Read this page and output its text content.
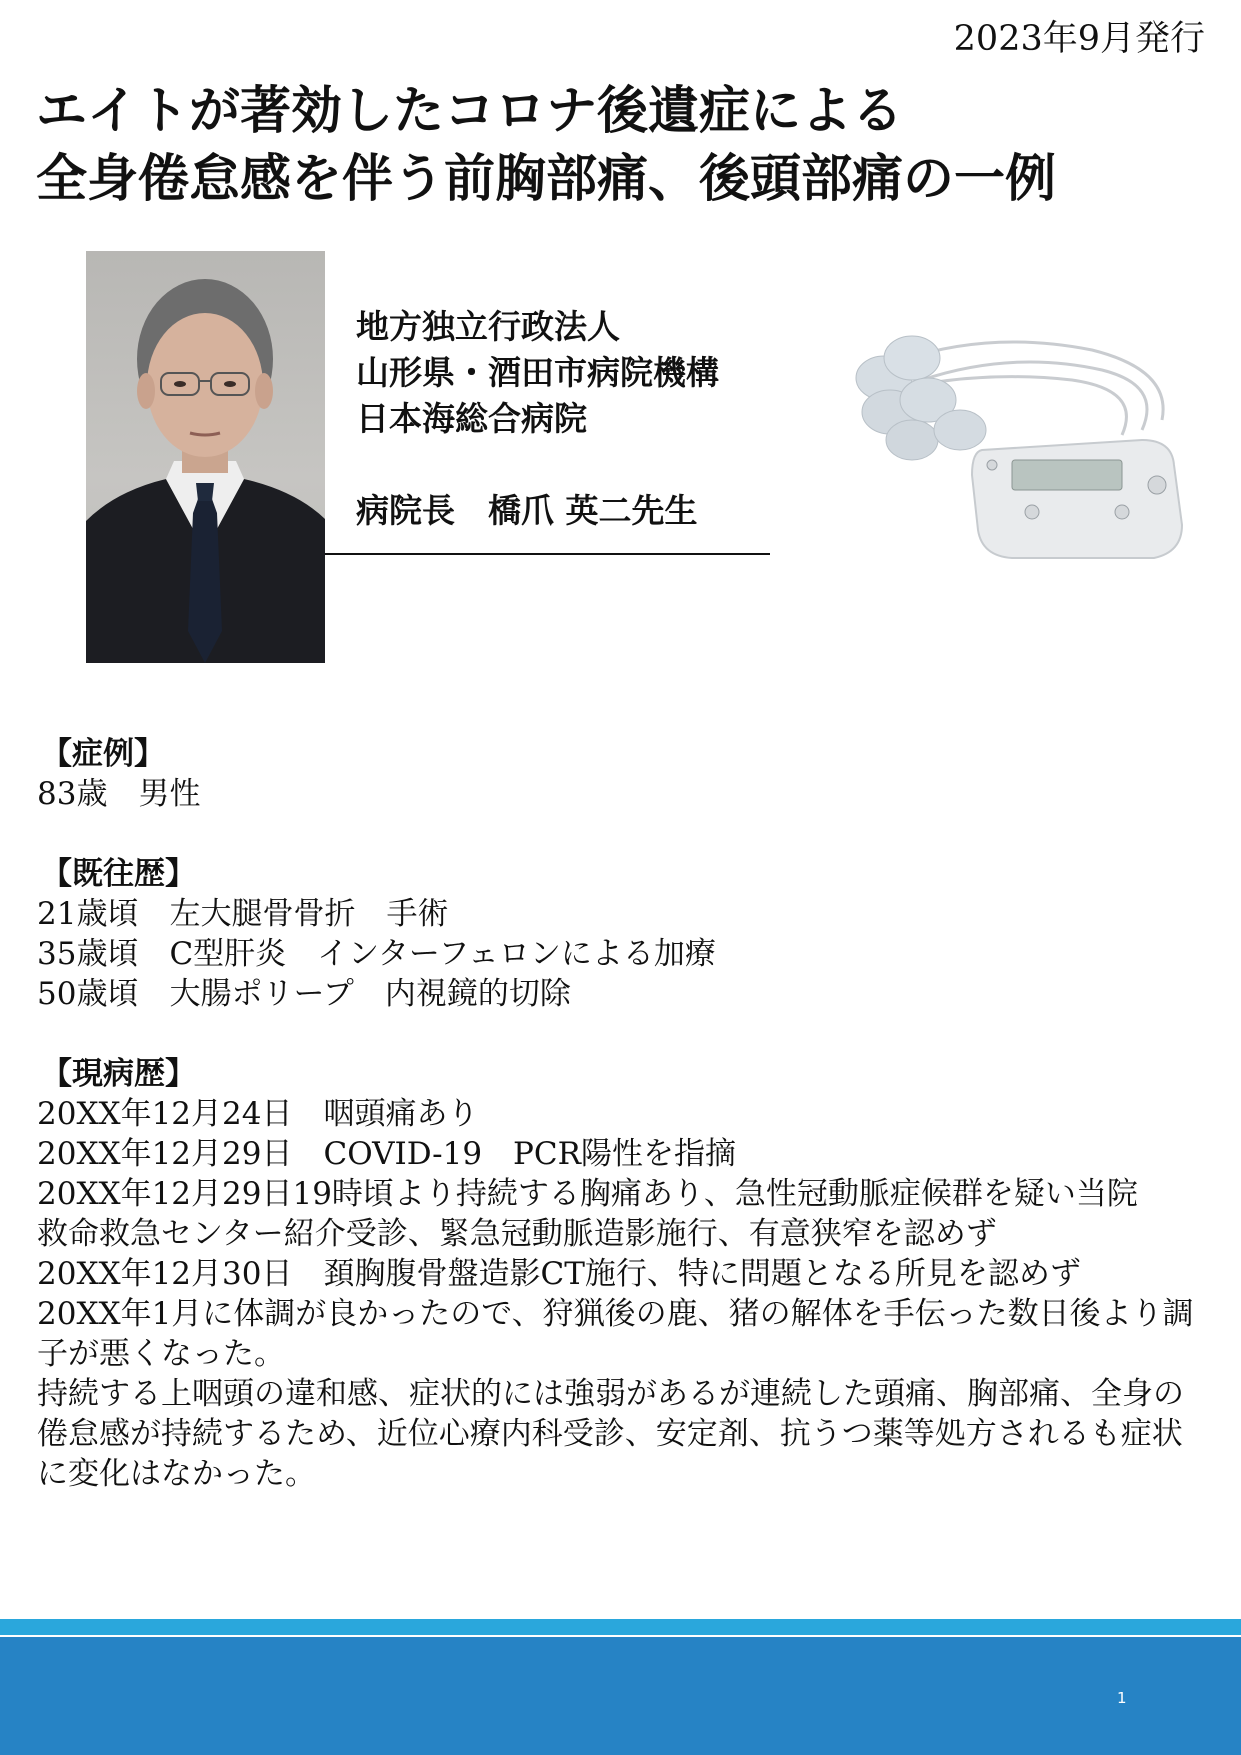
2023年9月発行
エイトが著効したコロナ後遺症による
全身倦怠感を伴う前胸部痛、後頭部痛の一例
地方独立行政法人
山形県・酒田市病院機構
日本海総合病院
病院長　橋爪 英二先生
【症例】
83歳　男性
【既往歴】
21歳頃　左大腿骨骨折　手術
35歳頃　C型肝炎　インターフェロンによる加療
50歳頃　大腸ポリープ　内視鏡的切除
【現病歴】
20XX年12月24日　咽頭痛あり
20XX年12月29日　COVID-19　PCR陽性を指摘
20XX年12月29日19時頃より持続する胸痛あり、急性冠動脈症候群を疑い当院
救命救急センター紹介受診、緊急冠動脈造影施行、有意狭窄を認めず
20XX年12月30日　頚胸腹骨盤造影CT施行、特に問題となる所見を認めず
20XX年1月に体調が良かったので、狩猟後の鹿、猪の解体を手伝った数日後より調子が悪くなった。
持続する上咽頭の違和感、症状的には強弱があるが連続した頭痛、胸部痛、全身の倦怠感が持続するため、近位心療内科受診、安定剤、抗うつ薬等処方されるも症状に変化はなかった。
1
